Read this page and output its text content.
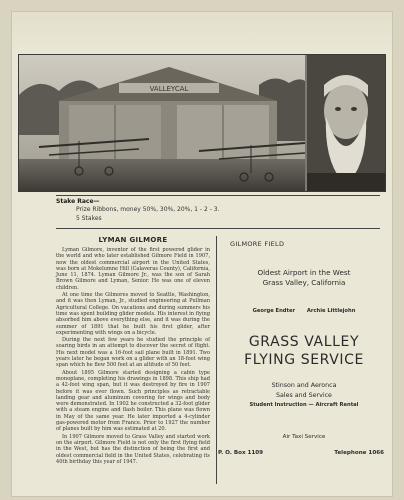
VALLEYCAL
Stake Race—
Prize Ribbons, money 50%, 30%, 20%, 1 - 2 - 3.
5 Stakes
LYMAN GILMORE

Lyman Gilmore, inventor of the first powered glider in the world and who later established Gilmore Field in 1907, now the oldest commercial airport in the United States, was born at Mokelumne Hill (Calaveras County), California, June 11, 1874. Lyman Gilmore Jr., was the son of Sarah Brown Gilmore and Lyman, Senior. He was one of eleven children.

At one time the Gilmores moved to Seattle, Washington, and it was then Lyman, Jr., studied engineering at Pullman Agricultural College. On vacations and during summers his time was spent building glider models. His interest in flying absorbed him above everything else, and it was during the summer of 1891 that he built his first glider, after experimenting with wings on a bicycle.

During the next few years he studied the principle of soaring birds in an attempt to discover the secret of flight. His next model was a 16-foot sail plane built in 1891. Two years later he began work on a glider with an 18-foot wing span which he flew 500 feet at an altitude of 50 feet.

About 1895 Gilmore started designing a cabin type monoplane, completing his drawings in 1898. This ship had a 42-foot wing span, but it was destroyed by fire in 1907 before it was ever flown. Such principles as retractable landing gear and aluminum covering for wings and body were demonstrated. In 1902 he constructed a 32-foot glider with a steam engine and flash boiler. This plane was flown in May of the same year. He later imported a 4-cylinder gas-powered motor from France. Prior to 1927 the number of planes built by him was estimated at 20.

In 1907 Gilmore moved to Grass Valley and started work on the airport. Gilmore Field is not only the first flying field in the West, but has the distinction of being the first and oldest commercial field in the United States, celebrating its 40th birthday this year of 1947.

GILMORE FIELD
Oldest Airport in the West
Grass Valley, California
George Endter Archie Littlejohn
GRASS VALLEY
FLYING SERVICE
Stinson and Aeronca
Sales and Service
Student Instruction — Aircraft Rental
Air Taxi Service
P. O. Box 1109	Telephone 1066
